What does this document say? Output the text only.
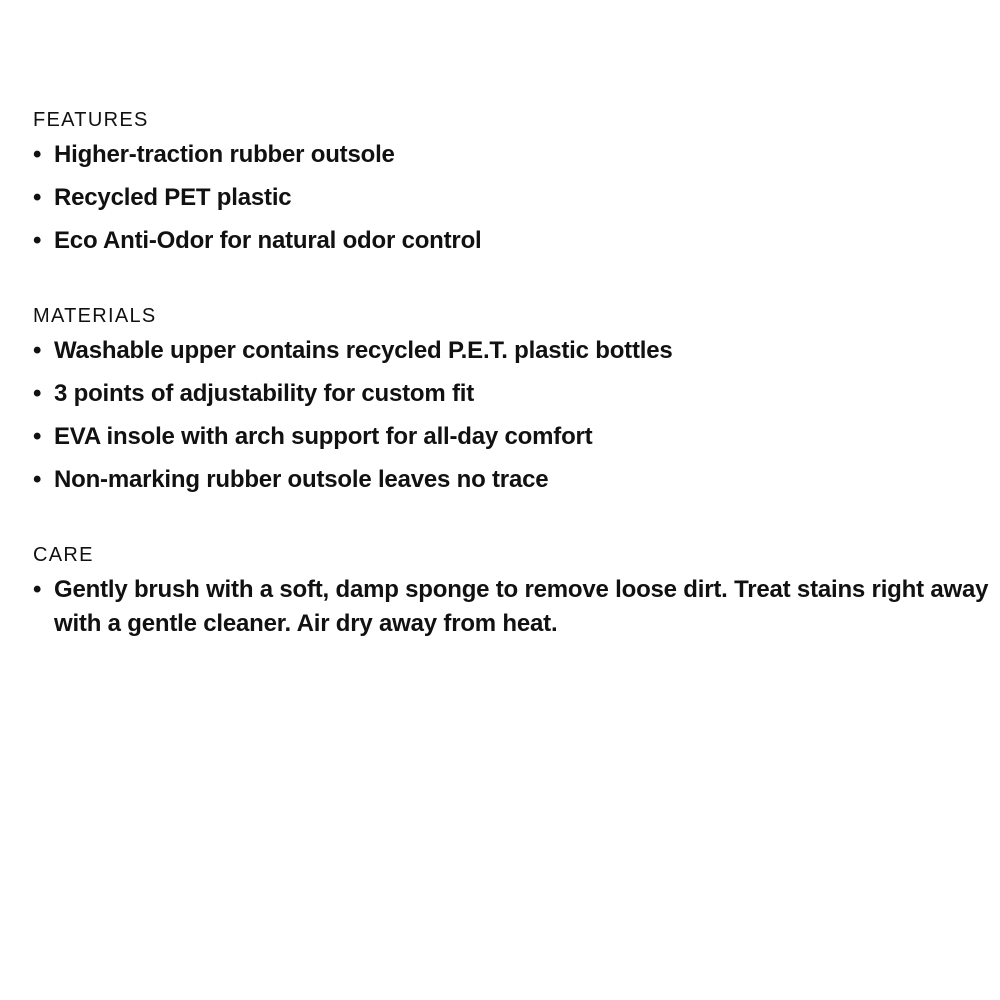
FEATURES
• Higher-traction rubber outsole
• Recycled PET plastic
• Eco Anti-Odor for natural odor control
MATERIALS
• Washable upper contains recycled P.E.T. plastic bottles
• 3 points of adjustability for custom fit
• EVA insole with arch support for all-day comfort
• Non-marking rubber outsole leaves no trace
CARE
• Gently brush with a soft, damp sponge to remove loose dirt. Treat stains right away with a gentle cleaner. Air dry away from heat.
